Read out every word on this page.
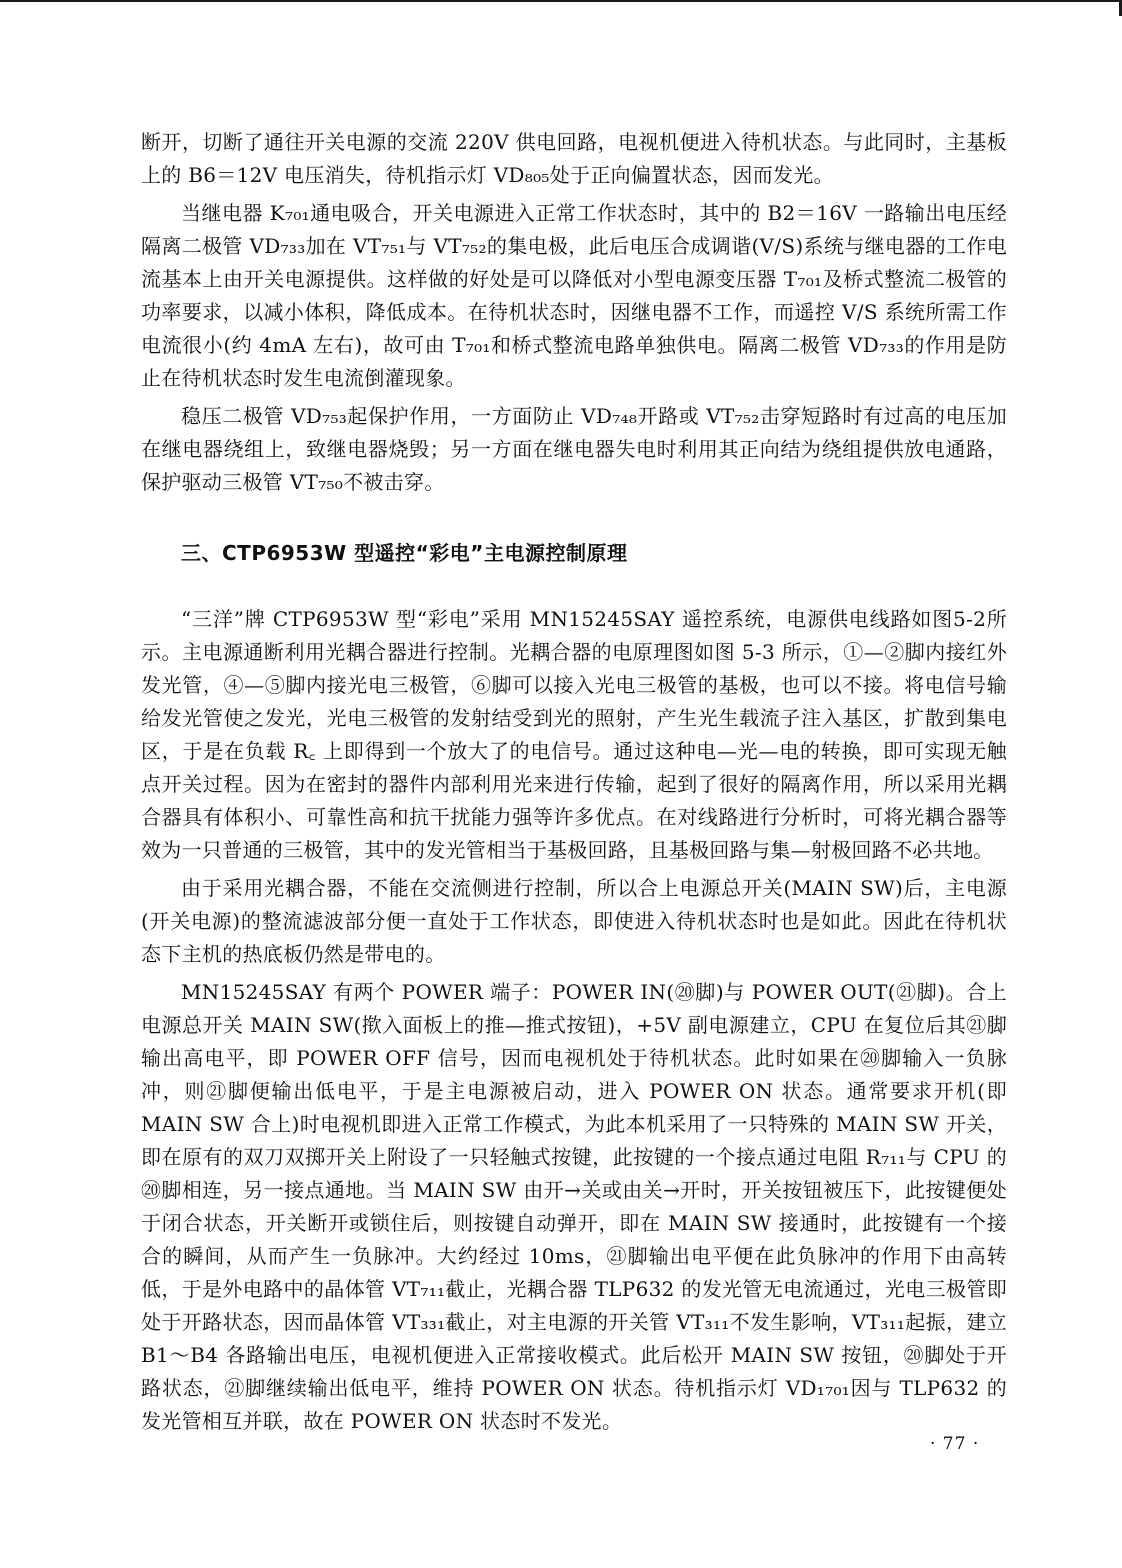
断开，切断了通往开关电源的交流 220V 供电回路，电视机便进入待机状态。与此同时，主基板上的 B6＝12V 电压消失，待机指示灯 VD₈₀₅处于正向偏置状态，因而发光。

当继电器 K₇₀₁通电吸合，开关电源进入正常工作状态时，其中的 B2＝16V 一路输出电压经隔离二极管 VD₇₃₃加在 VT₇₅₁与 VT₇₅₂的集电极，此后电压合成调谐(V/S)系统与继电器的工作电流基本上由开关电源提供。这样做的好处是可以降低对小型电源变压器 T₇₀₁及桥式整流二极管的功率要求，以减小体积，降低成本。在待机状态时，因继电器不工作，而遥控 V/S 系统所需工作电流很小(约 4mA 左右)，故可由 T₇₀₁和桥式整流电路单独供电。隔离二极管 VD₇₃₃的作用是防止在待机状态时发生电流倒灌现象。

稳压二极管 VD₇₅₃起保护作用，一方面防止 VD₇₄₈开路或 VT₇₅₂击穿短路时有过高的电压加在继电器绕组上，致继电器烧毁；另一方面在继电器失电时利用其正向结为绕组提供放电通路，保护驱动三极管 VT₇₅₀不被击穿。

三、CTP6953W 型遥控“彩电”主电源控制原理

“三洋”牌 CTP6953W 型“彩电”采用 MN15245SAY 遥控系统，电源供电线路如图5-2所示。主电源通断利用光耦合器进行控制。光耦合器的电原理图如图 5-3 所示，①—②脚内接红外发光管，④—⑤脚内接光电三极管，⑥脚可以接入光电三极管的基极，也可以不接。将电信号输给发光管使之发光，光电三极管的发射结受到光的照射，产生光生载流子注入基区，扩散到集电区，于是在负载 R꜀ 上即得到一个放大了的电信号。通过这种电—光—电的转换，即可实现无触点开关过程。因为在密封的器件内部利用光来进行传输，起到了很好的隔离作用，所以采用光耦合器具有体积小、可靠性高和抗干扰能力强等许多优点。在对线路进行分析时，可将光耦合器等效为一只普通的三极管，其中的发光管相当于基极回路，且基极回路与集—射极回路不必共地。

由于采用光耦合器，不能在交流侧进行控制，所以合上电源总开关(MAIN SW)后，主电源(开关电源)的整流滤波部分便一直处于工作状态，即使进入待机状态时也是如此。因此在待机状态下主机的热底板仍然是带电的。

MN15245SAY 有两个 POWER 端子：POWER IN(⑳脚)与 POWER OUT(㉑脚)。合上电源总开关 MAIN SW(揿入面板上的推—推式按钮)，+5V 副电源建立，CPU 在复位后其㉑脚输出高电平，即 POWER OFF 信号，因而电视机处于待机状态。此时如果在⑳脚输入一负脉冲，则㉑脚便输出低电平，于是主电源被启动，进入 POWER ON 状态。通常要求开机(即 MAIN SW 合上)时电视机即进入正常工作模式，为此本机采用了一只特殊的 MAIN SW 开关，即在原有的双刀双掷开关上附设了一只轻触式按键，此按键的一个接点通过电阻 R₇₁₁与 CPU 的⑳脚相连，另一接点通地。当 MAIN SW 由开→关或由关→开时，开关按钮被压下，此按键便处于闭合状态，开关断开或锁住后，则按键自动弹开，即在 MAIN SW 接通时，此按键有一个接合的瞬间，从而产生一负脉冲。大约经过 10ms，㉑脚输出电平便在此负脉冲的作用下由高转低，于是外电路中的晶体管 VT₇₁₁截止，光耦合器 TLP632 的发光管无电流通过，光电三极管即处于开路状态，因而晶体管 VT₃₃₁截止，对主电源的开关管 VT₃₁₁不发生影响，VT₃₁₁起振，建立 B1～B4 各路输出电压，电视机便进入正常接收模式。此后松开 MAIN SW 按钮，⑳脚处于开路状态，㉑脚继续输出低电平，维持 POWER ON 状态。待机指示灯 VD₁₇₀₁因与 TLP632 的发光管相互并联，故在 POWER ON 状态时不发光。

· 77 ·
